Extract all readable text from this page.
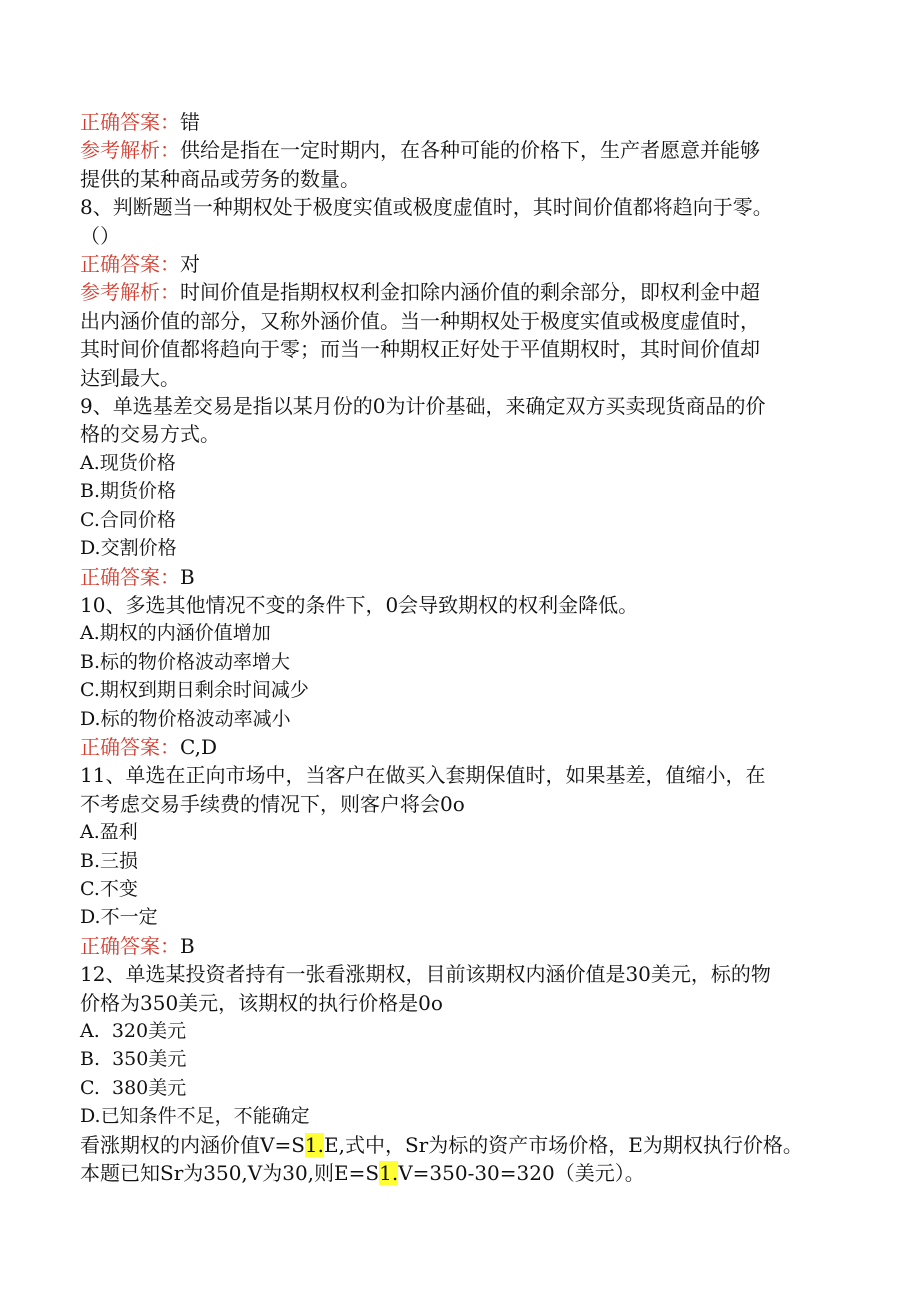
正确答案：错
参考解析：供给是指在一定时期内，在各种可能的价格下，生产者愿意并能够
提供的某种商品或劳务的数量。
8、判断题当一种期权处于极度实值或极度虚值时，其时间价值都将趋向于零。
（）
正确答案：对
参考解析：时间价值是指期权权利金扣除内涵价值的剩余部分，即权利金中超
出内涵价值的部分，又称外涵价值。当一种期权处于极度实值或极度虚值时，
其时间价值都将趋向于零；而当一种期权正好处于平值期权时，其时间价值却
达到最大。
9、单选基差交易是指以某月份的0为计价基础，来确定双方买卖现货商品的价
格的交易方式。
A.现货价格
B.期货价格
C.合同价格
D.交割价格
正确答案：B
10、多选其他情况不变的条件下，0会导致期权的权利金降低。
A.期权的内涵价值增加
B.标的物价格波动率增大
C.期权到期日剩余时间减少
D.标的物价格波动率减小
正确答案：C,D
11、单选在正向市场中，当客户在做买入套期保值时，如果基差，值缩小，在
不考虑交易手续费的情况下，则客户将会0o
A.盈利
B.三损
C.不变
D.不一定
正确答案：B
12、单选某投资者持有一张看涨期权，目前该期权内涵价值是30美元，标的物
价格为350美元，该期权的执行价格是0o
A.  320美元
B.  350美元
C.  380美元
D.已知条件不足，不能确定
看涨期权的内涵价值V=S1.E,式中，Sr为标的资产市场价格，E为期权执行价格。
本题已知Sr为350,V为30,则E=S1.V=350-30=320（美元）。
